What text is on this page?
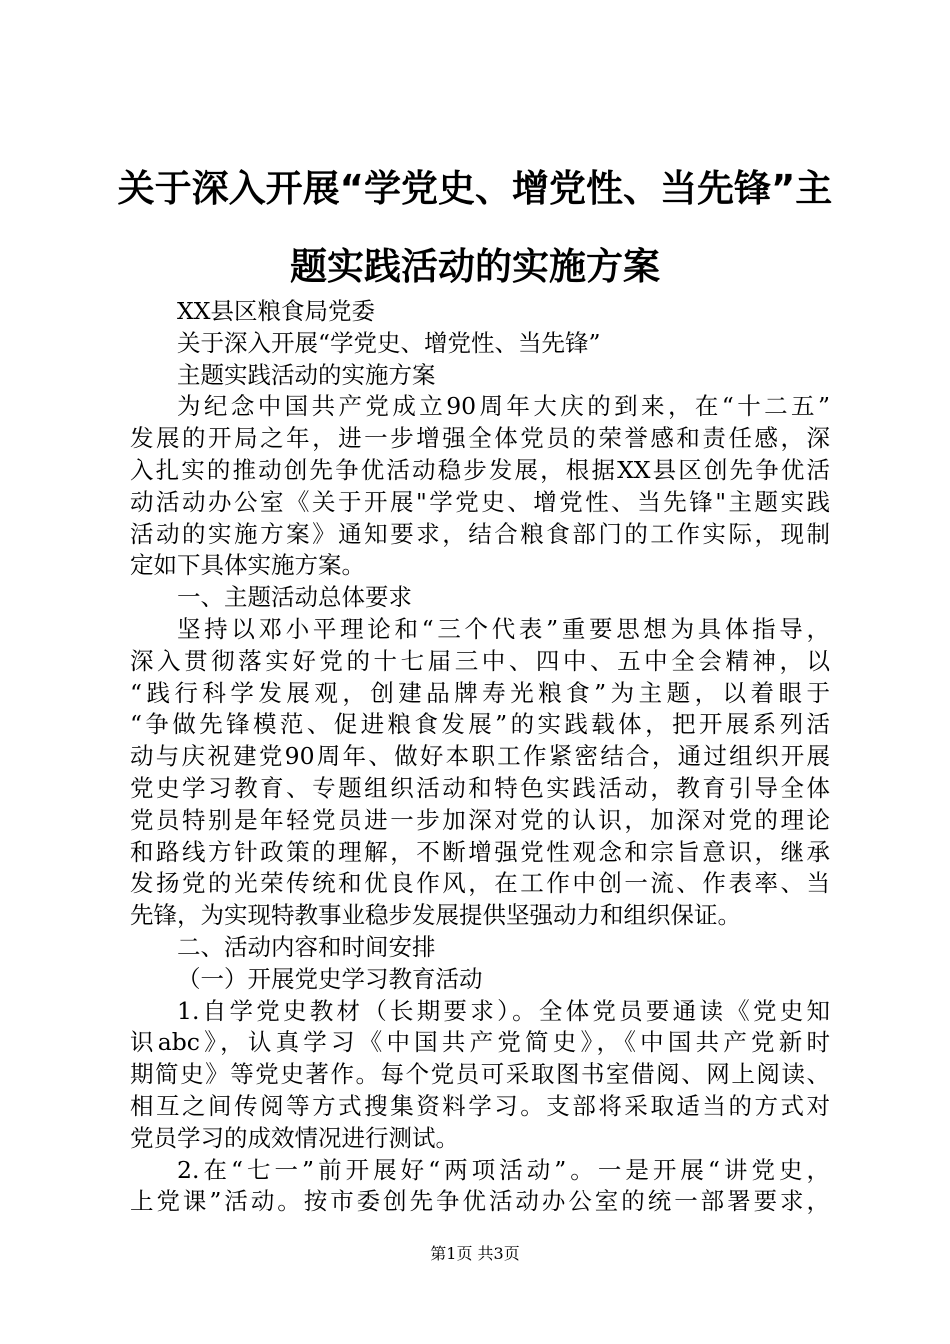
关于深入开展“学党史、增党性、当先锋”主
题实践活动的实施方案
XX县区粮食局党委
关于深入开展“学党史、增党性、当先锋”
主题实践活动的实施方案
为纪念中国共产党成立90周年大庆的到来，在“十二五”
发展的开局之年，进一步增强全体党员的荣誉感和责任感，深
入扎实的推动创先争优活动稳步发展，根据XX县区创先争优活
动活动办公室《关于开展"学党史、增党性、当先锋"主题实践
活动的实施方案》通知要求，结合粮食部门的工作实际，现制
定如下具体实施方案。
一、主题活动总体要求
坚持以邓小平理论和“三个代表”重要思想为具体指导，
深入贯彻落实好党的十七届三中、四中、五中全会精神，以
“践行科学发展观，创建品牌寿光粮食”为主题，以着眼于
“争做先锋模范、促进粮食发展”的实践载体，把开展系列活
动与庆祝建党90周年、做好本职工作紧密结合，通过组织开展
党史学习教育、专题组织活动和特色实践活动，教育引导全体
党员特别是年轻党员进一步加深对党的认识，加深对党的理论
和路线方针政策的理解，不断增强党性观念和宗旨意识，继承
发扬党的光荣传统和优良作风，在工作中创一流、作表率、当
先锋，为实现特教事业稳步发展提供坚强动力和组织保证。
二、活动内容和时间安排
（一）开展党史学习教育活动
1.自学党史教材（长期要求）。全体党员要通读《党史知
识abc》，认真学习《中国共产党简史》，《中国共产党新时
期简史》等党史著作。每个党员可采取图书室借阅、网上阅读、
相互之间传阅等方式搜集资料学习。支部将采取适当的方式对
党员学习的成效情况进行测试。
2.在“七一”前开展好“两项活动”。一是开展“讲党史，
上党课”活动。按市委创先争优活动办公室的统一部署要求，
第1页 共3页
